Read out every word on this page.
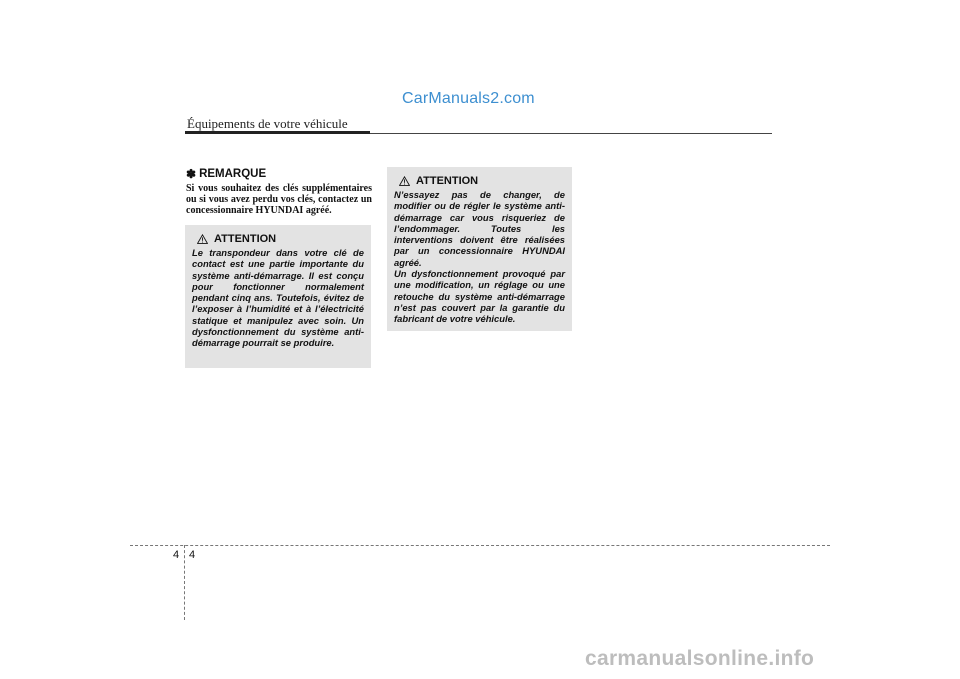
CarManuals2.com
Équipements de votre véhicule
✽ REMARQUE
Si vous souhaitez des clés supplémentaires ou si vous avez perdu vos clés, contactez un concessionnaire HYUNDAI agréé.
ATTENTION
Le transpondeur dans votre clé de contact est une partie importante du système anti-démarrage. Il est conçu pour fonctionner normalement pendant cinq ans. Toutefois, évitez de l’exposer à l’humidité et à l’électricité statique et manipulez avec soin. Un dysfonctionnement du système anti-démarrage pourrait se produire.
ATTENTION

N’essayez pas de changer, de modifier ou de régler le système anti-démarrage car vous risqueriez de l’endommager. Toutes les interventions doivent être réalisées par un concessionnaire HYUNDAI agréé.

Un dysfonctionnement provoqué par une modification, un réglage ou une retouche du système anti-démarrage n’est pas couvert par la garantie du fabricant de votre véhicule.

4 4
carmanualsonline.info
